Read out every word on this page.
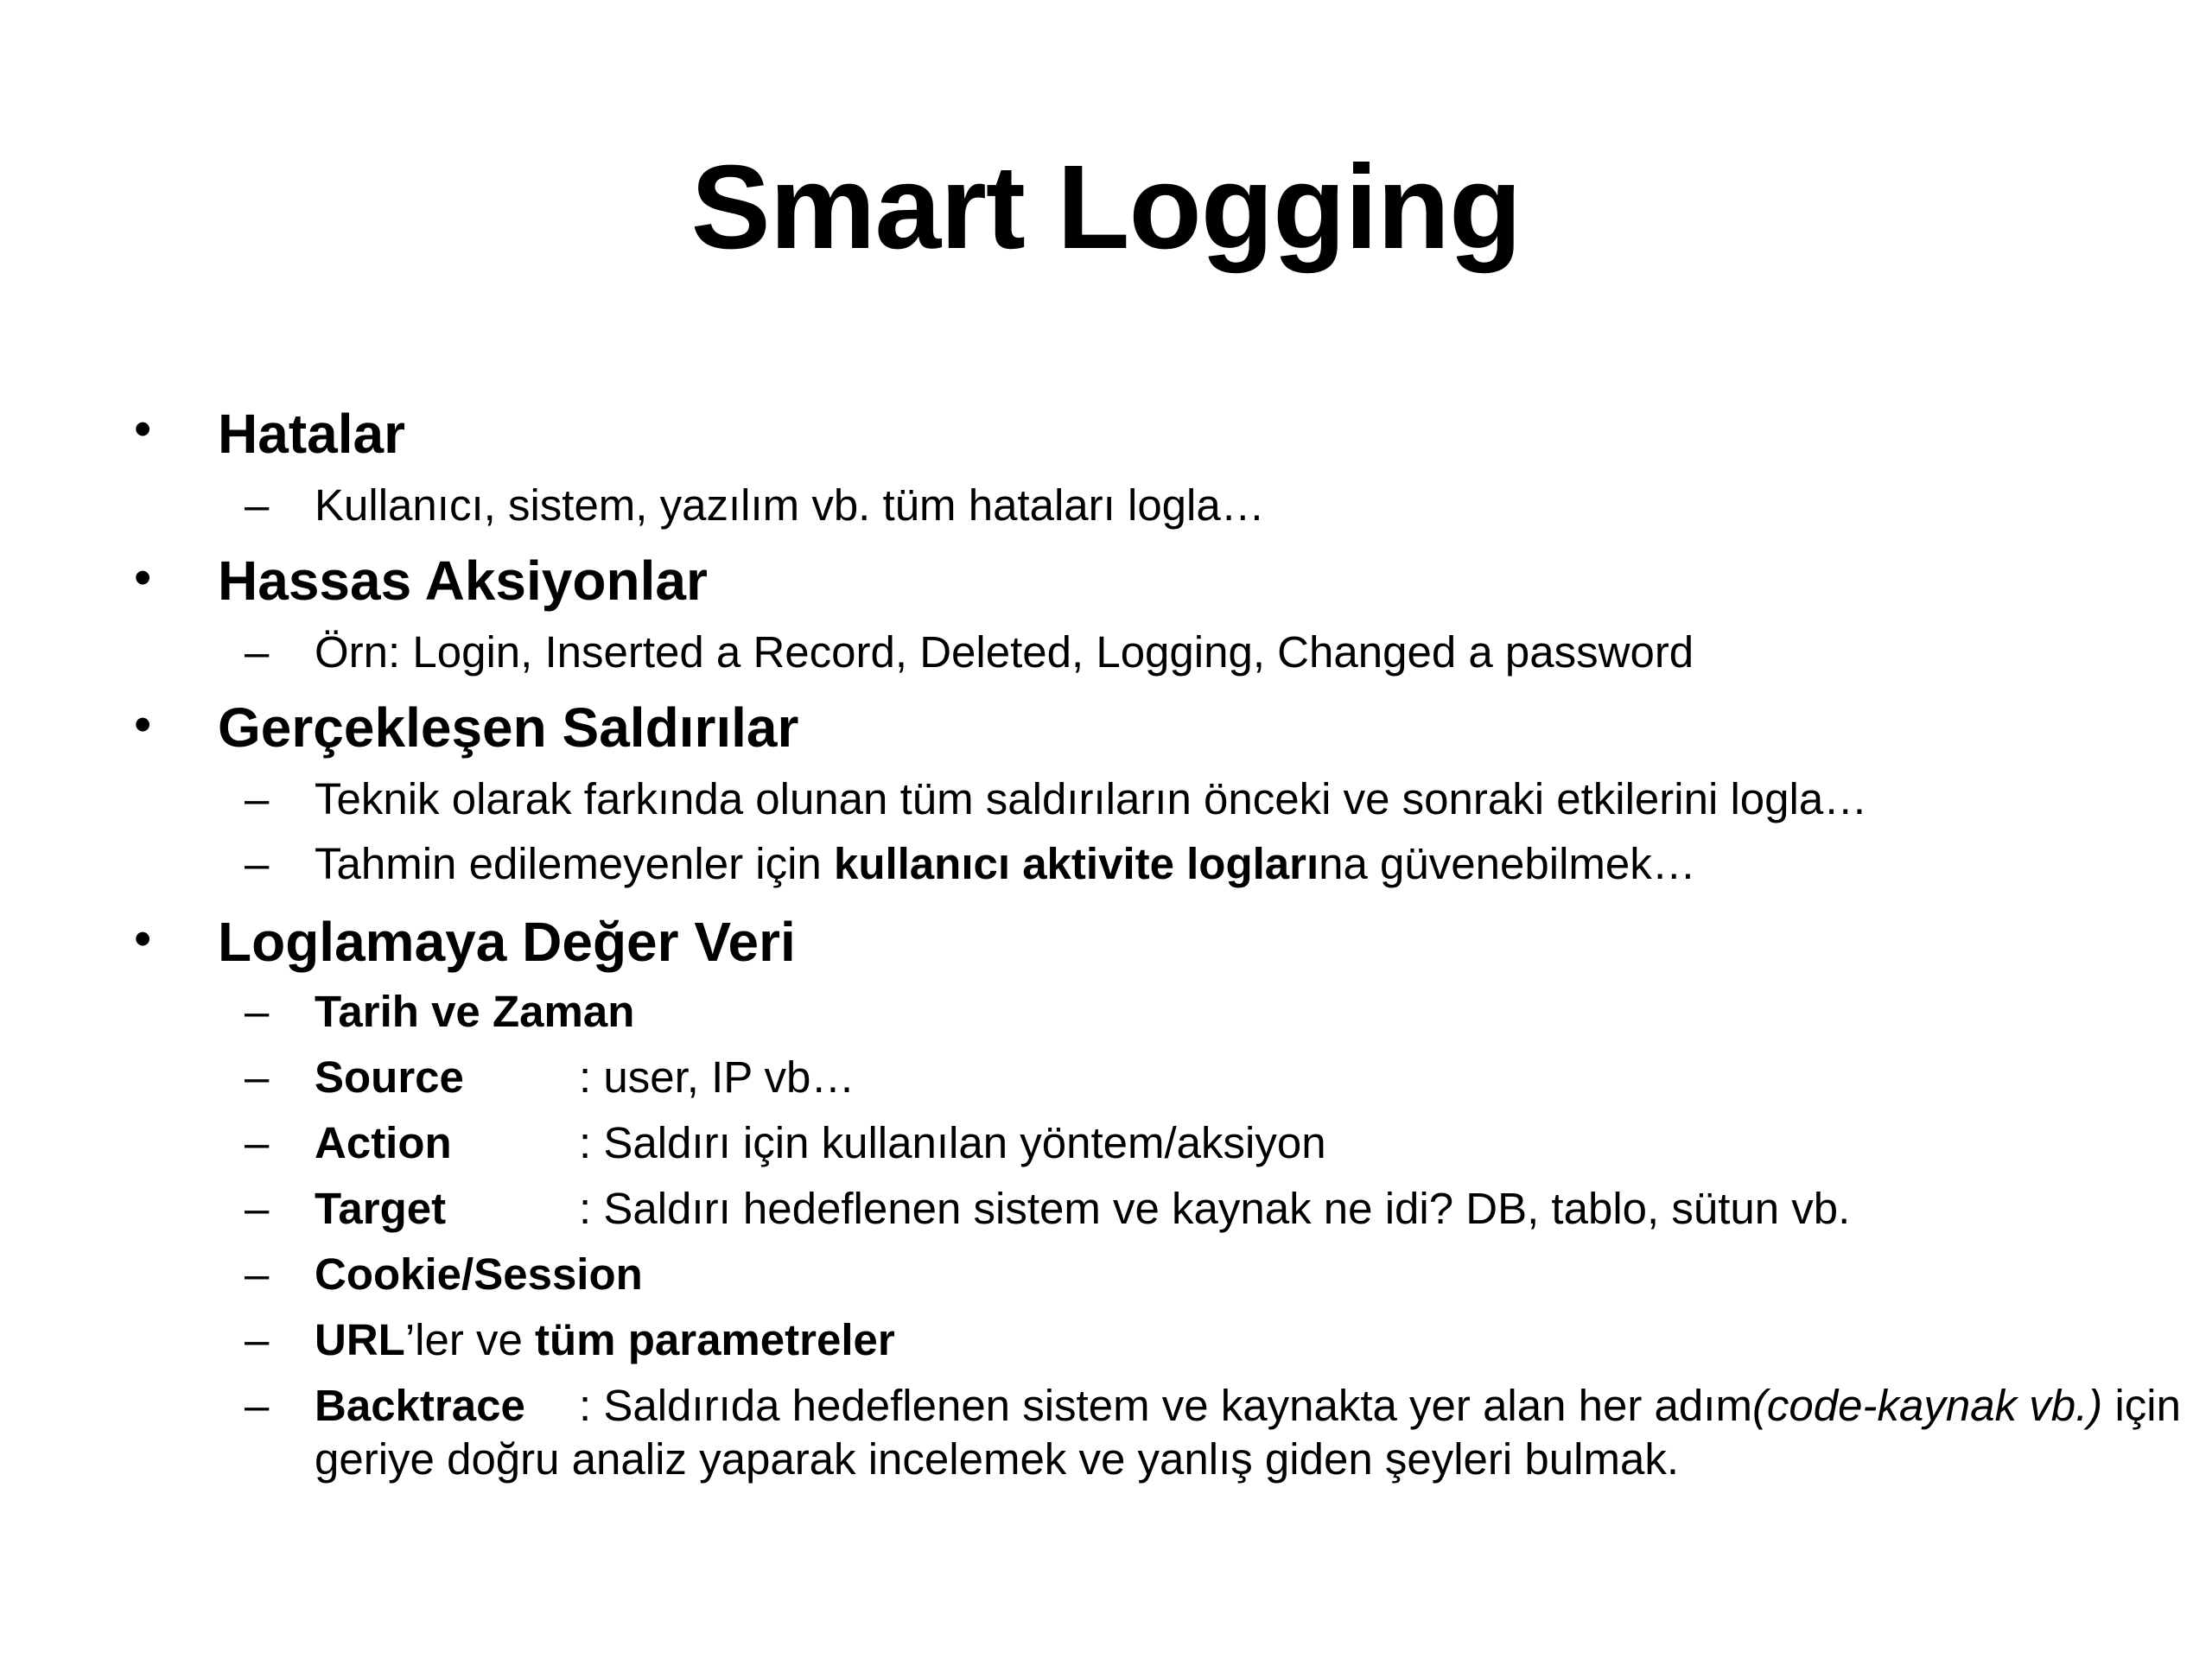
Smart Logging
• Hatalar
– Kullanıcı, sistem, yazılım vb. tüm hataları logla…
• Hassas Aksiyonlar
– Örn: Login, Inserted a Record, Deleted, Logging, Changed a password
• Gerçekleşen Saldırılar
– Teknik olarak farkında olunan tüm saldırıların önceki ve sonraki etkilerini logla…
– Tahmin edilemeyenler için kullanıcı aktivite loglarına güvenebilmek…
• Loglamaya Değer Veri
– Tarih ve Zaman
– Source	: user, IP vb…
– Action	: Saldırı için kullanılan yöntem/aksiyon
– Target	: Saldırı hedeflenen sistem ve kaynak ne idi? DB, tablo, sütun vb.
– Cookie/Session
– URL’ler ve tüm parametreler
– Backtrace : Saldırıda hedeflenen sistem ve kaynakta yer alan her adım(code-kaynak vb.) için
geriye doğru analiz yaparak incelemek ve yanlış giden şeyleri bulmak.
